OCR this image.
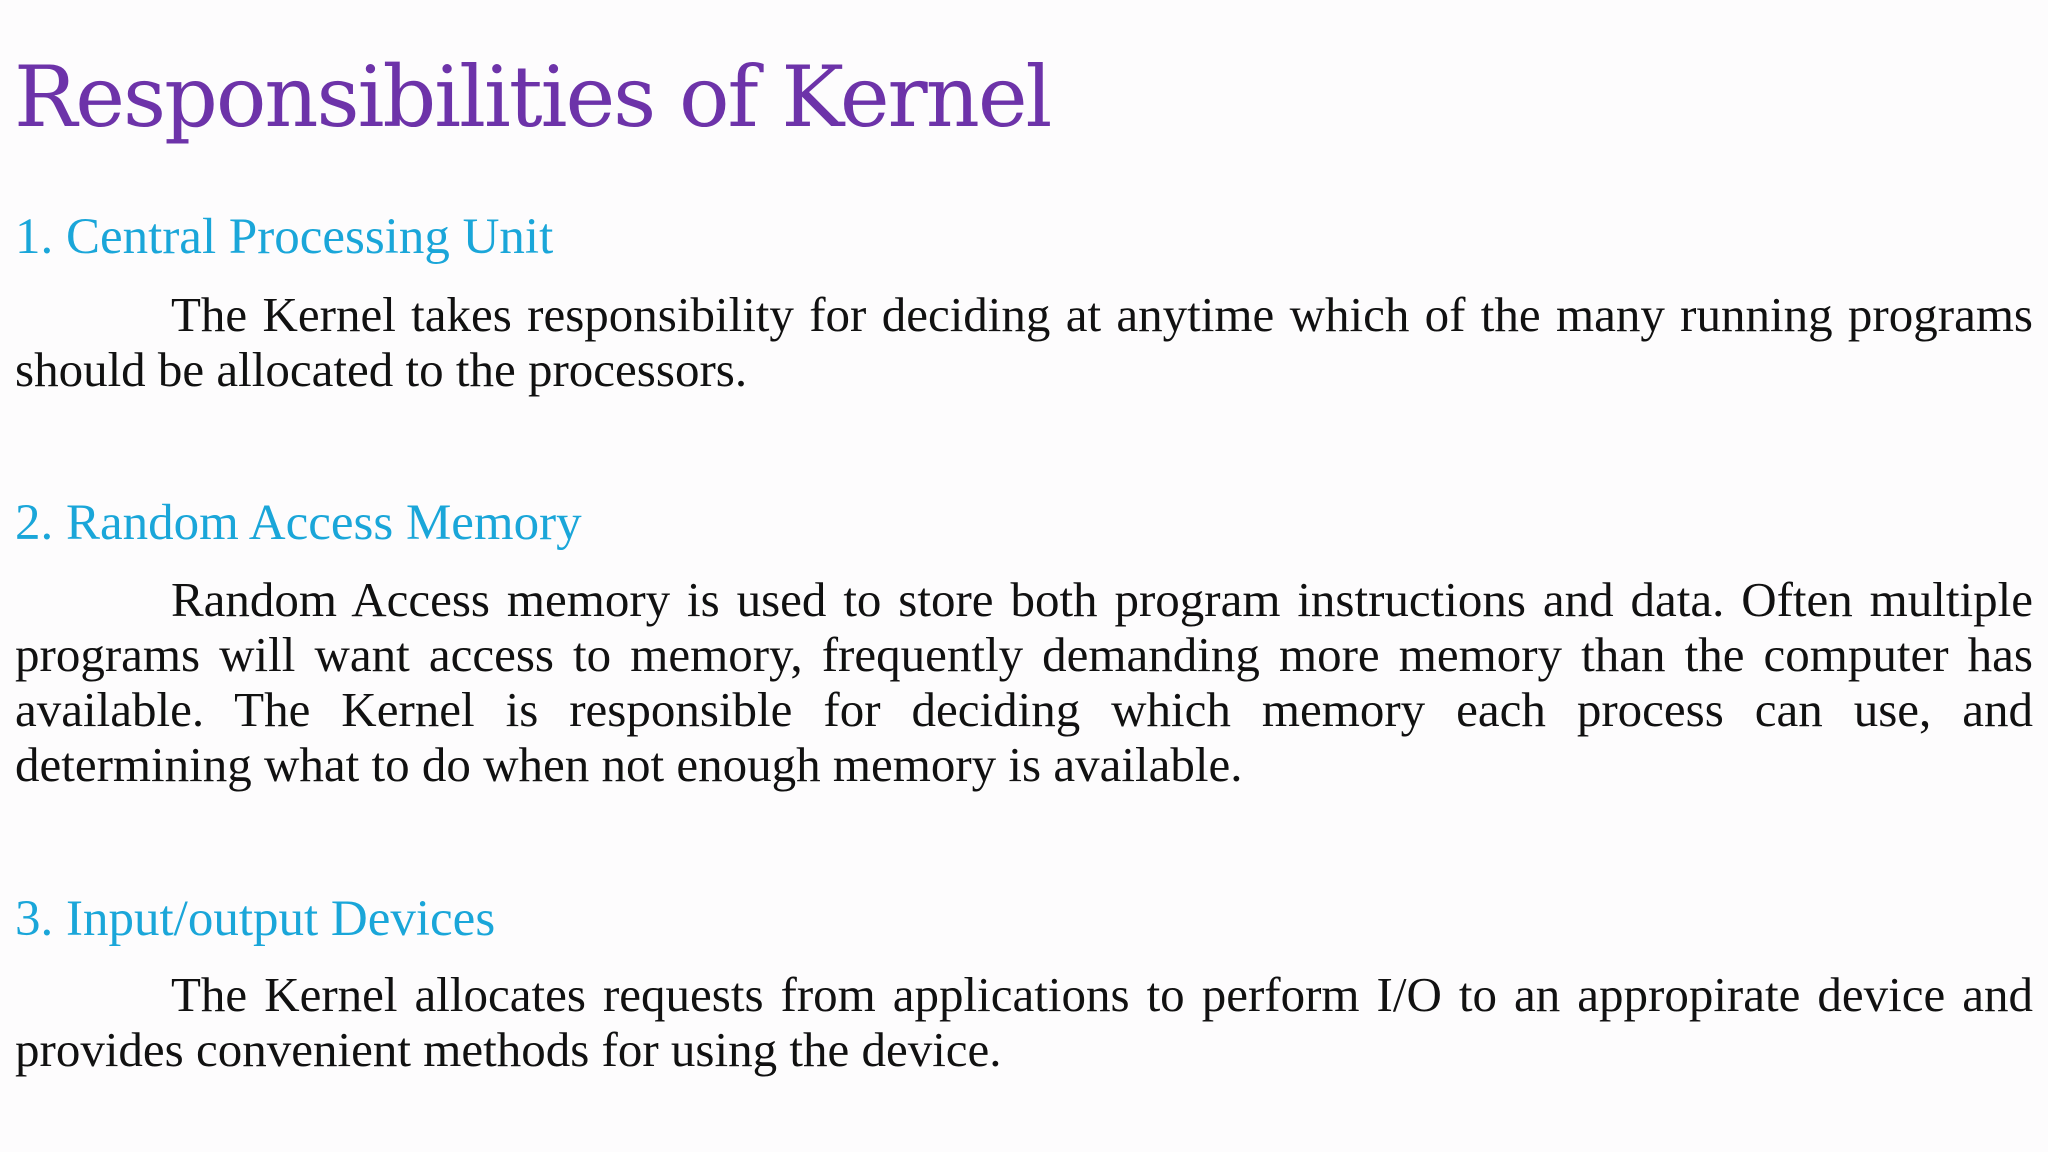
Responsibilities of Kernel
1. Central Processing Unit

The Kernel takes responsibility for deciding at anytime which of the many running programs should be allocated to the processors.

2. Random Access Memory

Random Access memory is used to store both program instructions and data. Often multiple programs will want access to memory, frequently demanding more memory than the computer has available. The Kernel is responsible for deciding which memory each process can use, and determining what to do when not enough memory is available.

3. Input/output Devices

The Kernel allocates requests from applications to perform I/O to an appropirate device and provides convenient methods for using the device.
